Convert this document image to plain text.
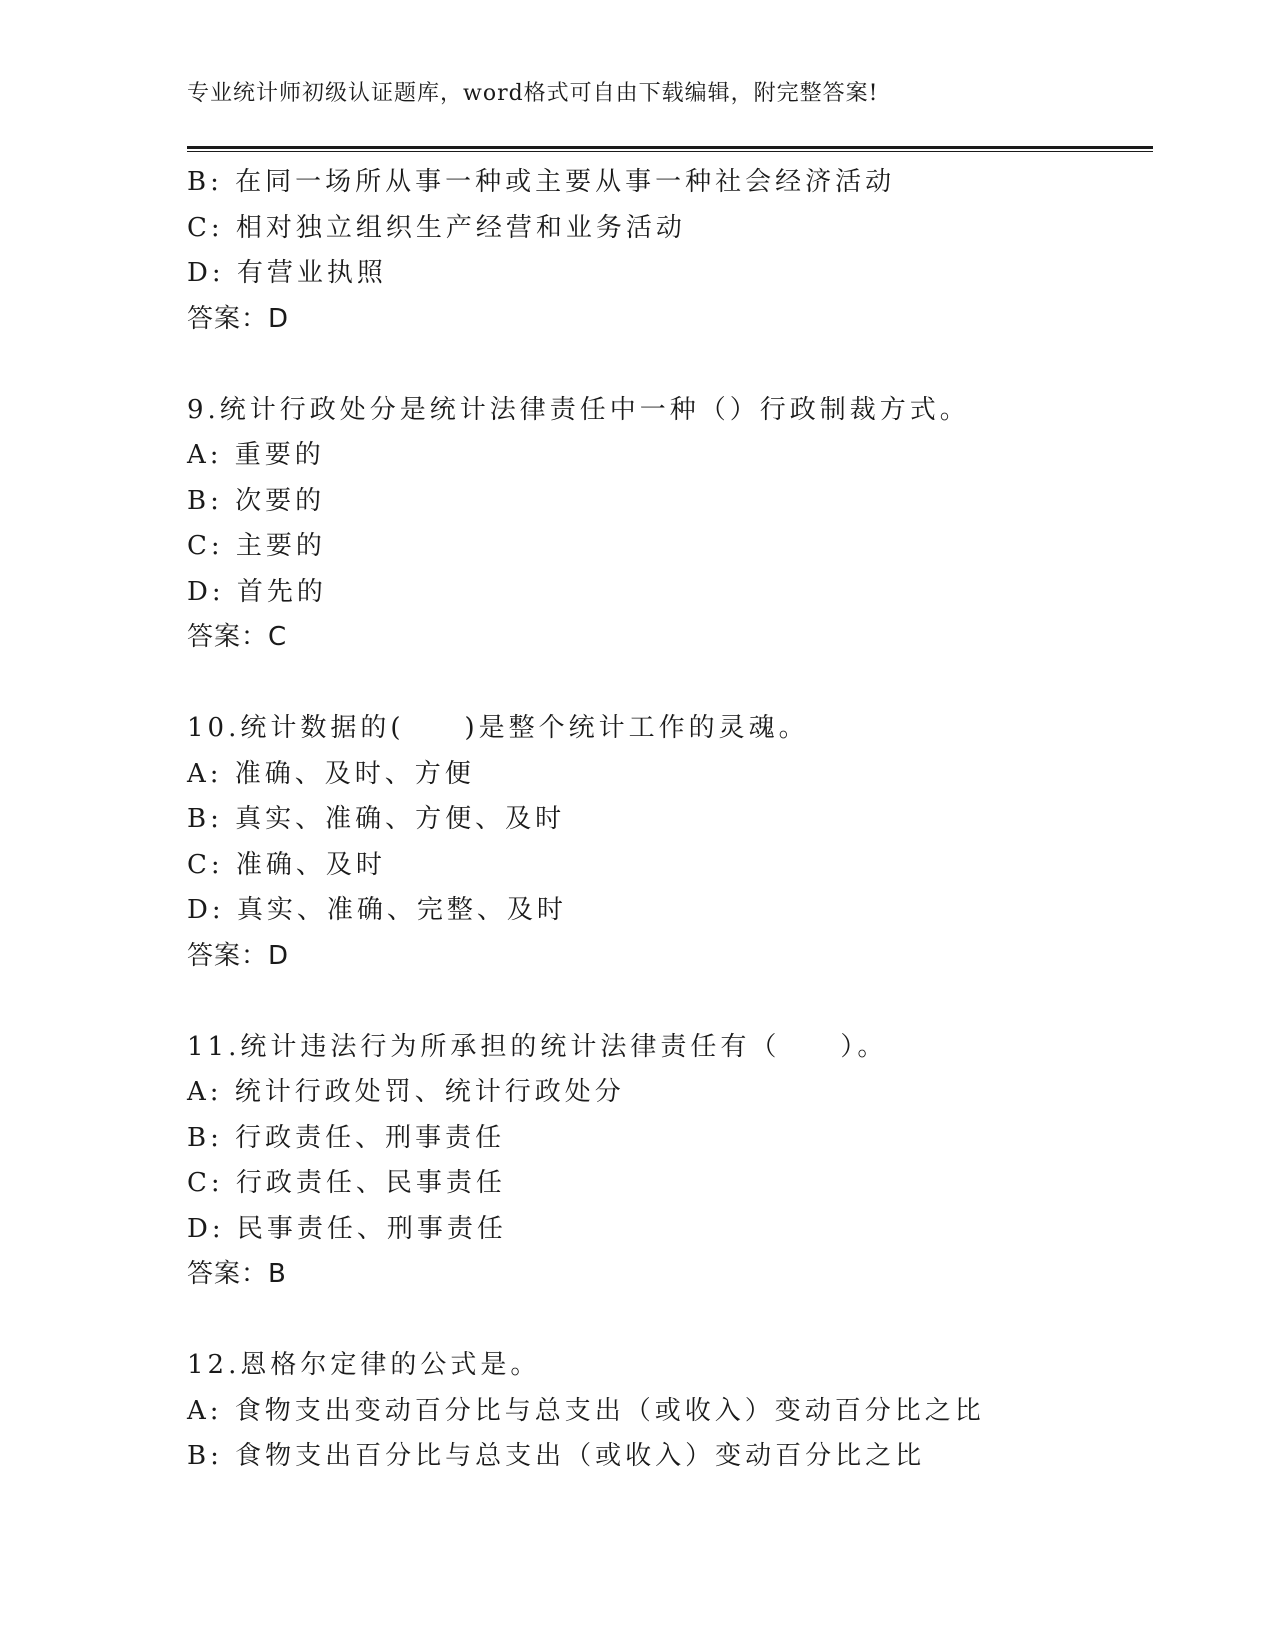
专业统计师初级认证题库，word格式可自由下载编辑，附完整答案!
B: 在同一场所从事一种或主要从事一种社会经济活动
C: 相对独立组织生产经营和业务活动
D: 有营业执照
答案：D
9.统计行政处分是统计法律责任中一种（）行政制裁方式。
A: 重要的
B: 次要的
C: 主要的
D: 首先的
答案：C
10.统计数据的(　　)是整个统计工作的灵魂。
A: 准确、及时、方便
B: 真实、准确、方便、及时
C: 准确、及时
D: 真实、准确、完整、及时
答案：D
11.统计违法行为所承担的统计法律责任有（　　）。
A: 统计行政处罚、统计行政处分
B: 行政责任、刑事责任
C: 行政责任、民事责任
D: 民事责任、刑事责任
答案：B
12.恩格尔定律的公式是。
A: 食物支出变动百分比与总支出（或收入）变动百分比之比
B: 食物支出百分比与总支出（或收入）变动百分比之比
